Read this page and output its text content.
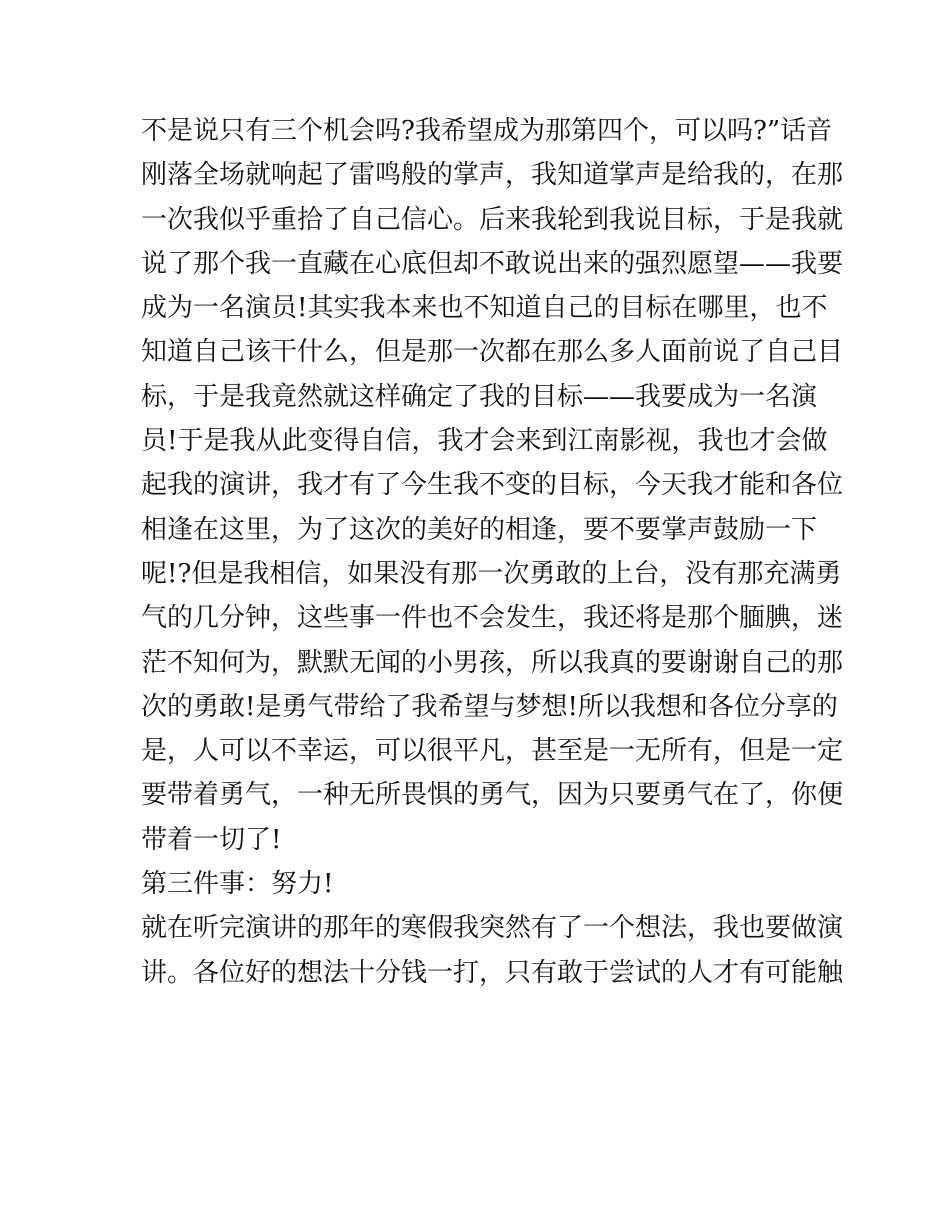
不是说只有三个机会吗?我希望成为那第四个，可以吗?”话音
刚落全场就响起了雷鸣般的掌声，我知道掌声是给我的，在那
一次我似乎重拾了自己信心。后来我轮到我说目标，于是我就
说了那个我一直藏在心底但却不敢说出来的强烈愿望——我要
成为一名演员!其实我本来也不知道自己的目标在哪里，也不
知道自己该干什么，但是那一次都在那么多人面前说了自己目
标，于是我竟然就这样确定了我的目标——我要成为一名演
员!于是我从此变得自信，我才会来到江南影视，我也才会做
起我的演讲，我才有了今生我不变的目标，今天我才能和各位
相逢在这里，为了这次的美好的相逢，要不要掌声鼓励一下
呢!?但是我相信，如果没有那一次勇敢的上台，没有那充满勇
气的几分钟，这些事一件也不会发生，我还将是那个腼腆，迷
茫不知何为，默默无闻的小男孩，所以我真的要谢谢自己的那
次的勇敢!是勇气带给了我希望与梦想!所以我想和各位分享的
是，人可以不幸运，可以很平凡，甚至是一无所有，但是一定
要带着勇气，一种无所畏惧的勇气，因为只要勇气在了，你便
带着一切了!
第三件事：努力!
就在听完演讲的那年的寒假我突然有了一个想法，我也要做演
讲。各位好的想法十分钱一打，只有敢于尝试的人才有可能触
